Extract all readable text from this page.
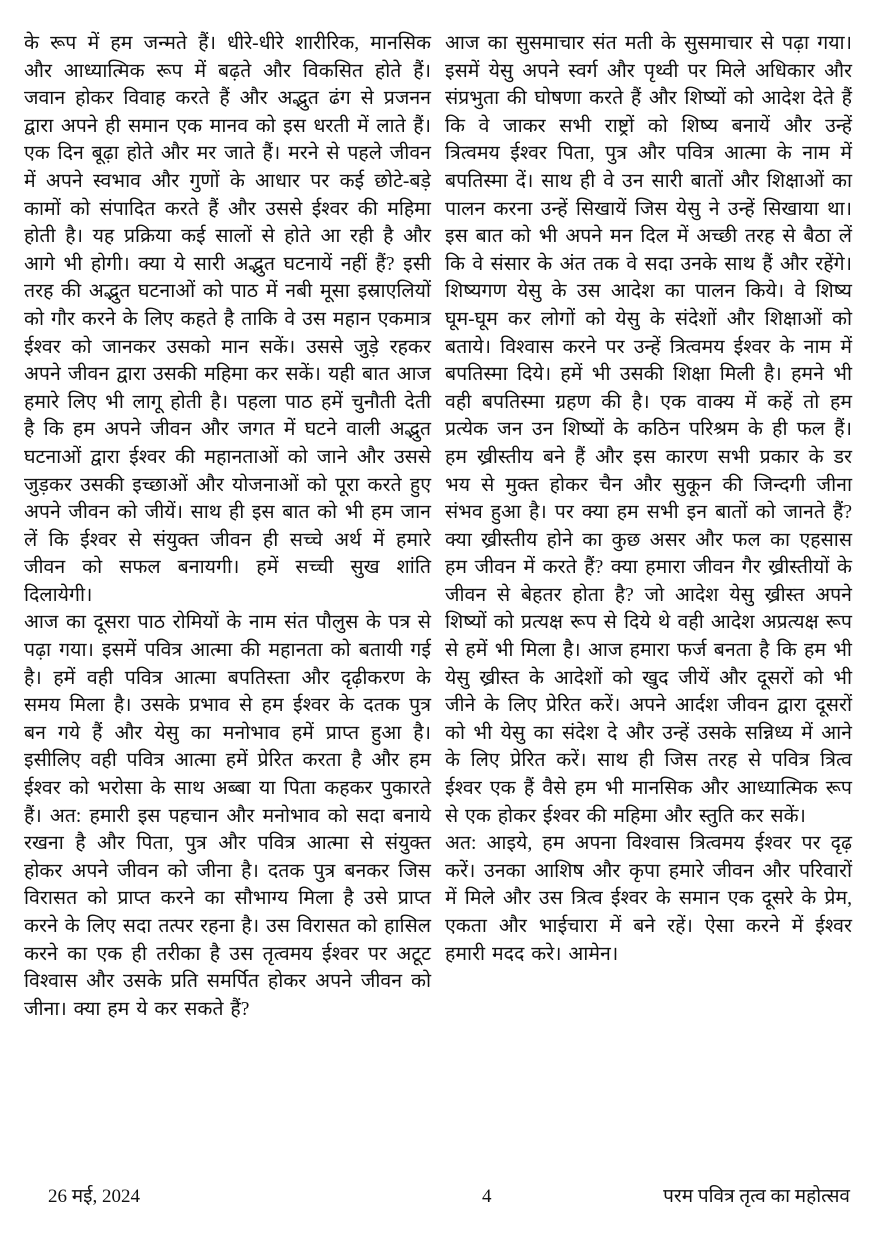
के रूप में हम जन्मते हैं। धीरे-धीरे शारीरिक, मानसिक और आध्यात्मिक रूप में बढ़ते और विकसित होते हैं। जवान होकर विवाह करते हैं और अद्भुत ढंग से प्रजनन द्वारा अपने ही समान एक मानव को इस धरती में लाते हैं। एक दिन बूढ़ा होते और मर जाते हैं। मरने से पहले जीवन में अपने स्वभाव और गुणों के आधार पर कई छोटे-बड़े कामों को संपादित करते हैं और उससे ईश्वर की महिमा होती है। यह प्रक्रिया कई सालों से होते आ रही है और आगे भी होगी। क्या ये सारी अद्भुत घटनायें नहीं हैं? इसी तरह की अद्भुत घटनाओं को पाठ में नबी मूसा इस्राएलियों को गौर करने के लिए कहते है ताकि वे उस महान एकमात्र ईश्वर को जानकर उसको मान सकें। उससे जुड़े रहकर अपने जीवन द्वारा उसकी महिमा कर सकें। यही बात आज हमारे लिए भी लागू होती है। पहला पाठ हमें चुनौती देती है कि हम अपने जीवन और जगत में घटने वाली अद्भुत घटनाओं द्वारा ईश्वर की महानताओं को जाने और उससे जुड़कर उसकी इच्छाओं और योजनाओं को पूरा करते हुए अपने जीवन को जीयें। साथ ही इस बात को भी हम जान लें कि ईश्वर से संयुक्त जीवन ही सच्चे अर्थ में हमारे जीवन को सफल बनायगी। हमें सच्ची सुख शांति दिलायेगी।

आज का दूसरा पाठ रोमियों के नाम संत पौलुस के पत्र से पढ़ा गया। इसमें पवित्र आत्मा की महानता को बतायी गई है। हमें वही पवित्र आत्मा बपतिस्ता और दृढ़ीकरण के समय मिला है। उसके प्रभाव से हम ईश्वर के दतक पुत्र बन गये हैं और येसु का मनोभाव हमें प्राप्त हुआ है। इसीलिए वही पवित्र आत्मा हमें प्रेरित करता है और हम ईश्वर को भरोसा के साथ अब्बा या पिता कहकर पुकारते हैं। अत: हमारी इस पहचान और मनोभाव को सदा बनाये रखना है और पिता, पुत्र और पवित्र आत्मा से संयुक्त होकर अपने जीवन को जीना है। दतक पुत्र बनकर जिस विरासत को प्राप्त करने का सौभाग्य मिला है उसे प्राप्त करने के लिए सदा तत्पर रहना है। उस विरासत को हासिल करने का एक ही तरीका है उस तृत्वमय ईश्वर पर अटूट विश्वास और उसके प्रति समर्पित होकर अपने जीवन को जीना। क्या हम ये कर सकते हैं?

आज का सुसमाचार संत मती के सुसमाचार से पढ़ा गया। इसमें येसु अपने स्वर्ग और पृथ्वी पर मिले अधिकार और संप्रभुता की घोषणा करते हैं और शिष्यों को आदेश देते हैं कि वे जाकर सभी राष्ट्रों को शिष्य बनायें और उन्हें त्रित्वमय ईश्वर पिता, पुत्र और पवित्र आत्मा के नाम में बपतिस्मा दें। साथ ही वे उन सारी बातों और शिक्षाओं का पालन करना उन्हें सिखायें जिस येसु ने उन्हें सिखाया था। इस बात को भी अपने मन दिल में अच्छी तरह से बैठा लें कि वे संसार के अंत तक वे सदा उनके साथ हैं और रहेंगे। शिष्यगण येसु के उस आदेश का पालन किये। वे शिष्य घूम-घूम कर लोगों को येसु के संदेशों और शिक्षाओं को बताये। विश्वास करने पर उन्हें त्रित्वमय ईश्वर के नाम में बपतिस्मा दिये। हमें भी उसकी शिक्षा मिली है। हमने भी वही बपतिस्मा ग्रहण की है। एक वाक्य में कहें तो हम प्रत्येक जन उन शिष्यों के कठिन परिश्रम के ही फल हैं। हम ख्रीस्तीय बने हैं और इस कारण सभी प्रकार के डर भय से मुक्त होकर चैन और सुकून की जिन्दगी जीना संभव हुआ है। पर क्या हम सभी इन बातों को जानते हैं? क्या ख्रीस्तीय होने का कुछ असर और फल का एहसास हम जीवन में करते हैं? क्या हमारा जीवन गैर ख्रीस्तीयों के जीवन से बेहतर होता है? जो आदेश येसु ख्रीस्त अपने शिष्यों को प्रत्यक्ष रूप से दिये थे वही आदेश अप्रत्यक्ष रूप से हमें भी मिला है। आज हमारा फर्ज बनता है कि हम भी येसु ख्रीस्त के आदेशों को खुद जीयें और दूसरों को भी जीने के लिए प्रेरित करें। अपने आर्दश जीवन द्वारा दूसरों को भी येसु का संदेश दे और उन्हें उसके सन्निध्य में आने के लिए प्रेरित करें। साथ ही जिस तरह से पवित्र त्रित्व ईश्वर एक हैं वैसे हम भी मानसिक और आध्यात्मिक रूप से एक होकर ईश्वर की महिमा और स्तुति कर सकें।

अत: आइये, हम अपना विश्वास त्रित्वमय ईश्वर पर दृढ़ करें। उनका आशिष और कृपा हमारे जीवन और परिवारों में मिले और उस त्रित्व ईश्वर के समान एक दूसरे के प्रेम, एकता और भाईचारा में बने रहें। ऐसा करने में ईश्वर हमारी मदद करे। आमेन।

26 मई, 2024	4	परम पवित्र तृत्व का महोत्सव
